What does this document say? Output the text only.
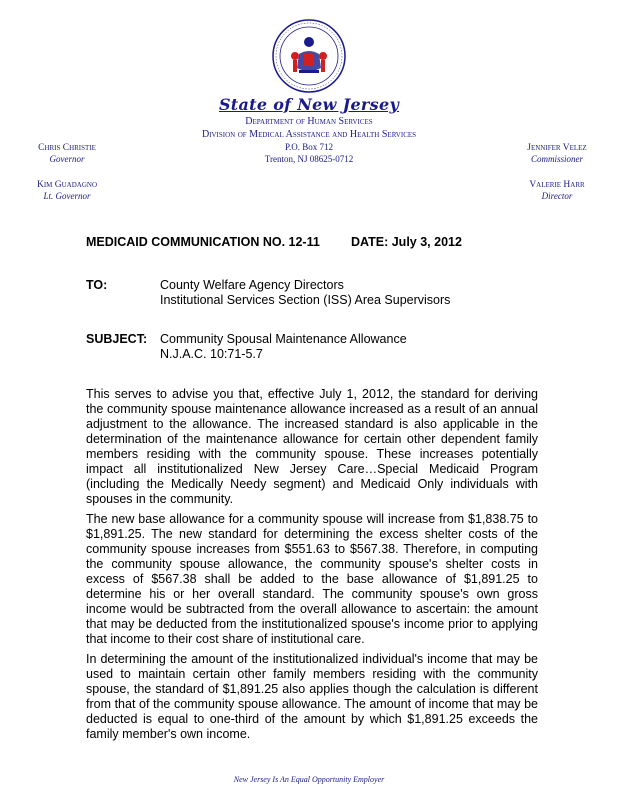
State of New Jersey
Department of Human Services
Division of Medical Assistance and Health Services
P.O. Box 712
Trenton, NJ 08625-0712
Chris Christie
Governor
Kim Guadagno
Lt. Governor
Jennifer Velez
Commissioner
Valerie Harr
Director
MEDICAID COMMUNICATION NO. 12-11 DATE: July 3, 2012
TO:	County Welfare Agency Directors
Institutional Services Section (ISS) Area Supervisors
SUBJECT: Community Spousal Maintenance Allowance
N.J.A.C. 10:71-5.7
This serves to advise you that, effective July 1, 2012, the standard for deriving the community spouse maintenance allowance increased as a result of an annual adjustment to the allowance. The increased standard is also applicable in the determination of the maintenance allowance for certain other dependent family members residing with the community spouse. These increases potentially impact all institutionalized New Jersey Care…Special Medicaid Program (including the Medically Needy segment) and Medicaid Only individuals with spouses in the community.
The new base allowance for a community spouse will increase from $1,838.75 to $1,891.25. The new standard for determining the excess shelter costs of the community spouse increases from $551.63 to $567.38. Therefore, in computing the community spouse allowance, the community spouse's shelter costs in excess of $567.38 shall be added to the base allowance of $1,891.25 to determine his or her overall standard. The community spouse's own gross income would be subtracted from the overall allowance to ascertain: the amount that may be deducted from the institutionalized spouse's income prior to applying that income to their cost share of institutional care.
In determining the amount of the institutionalized individual's income that may be used to maintain certain other family members residing with the community spouse, the standard of $1,891.25 also applies though the calculation is different from that of the community spouse allowance. The amount of income that may be deducted is equal to one-third of the amount by which $1,891.25 exceeds the family member's own income.
New Jersey Is An Equal Opportunity Employer
